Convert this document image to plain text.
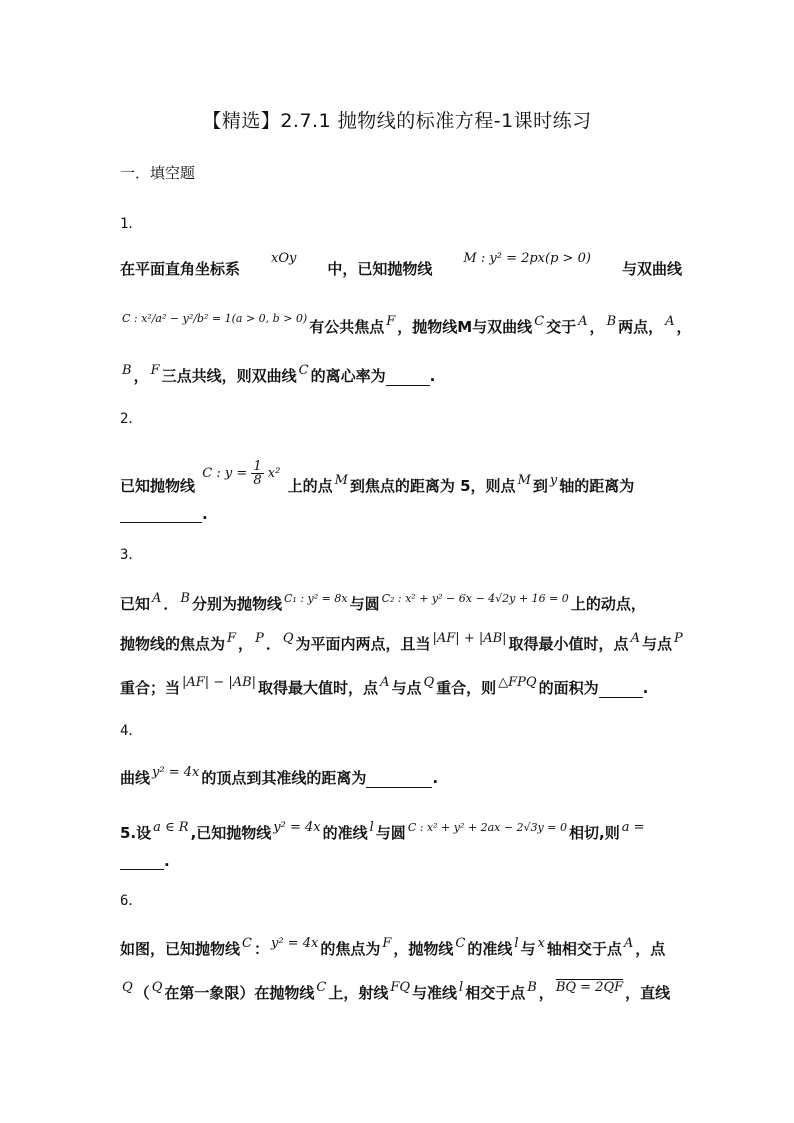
【精选】2.7.1 抛物线的标准方程-1课时练习
一．填空题
1．
在平面直角坐标系
xOy
中，已知抛物线
M : y² = 2px(p > 0)
与双曲线
$^{C : x^2/a^2 - y^2/b^2 = 1(a > 0, b > 0)}$ 有公共焦点 F ，抛物线M与双曲线 C 交于 A ， B 两点， A ，
B ， F 三点共线，则双曲线 C 的离心率为	.
2．
已知抛物线 C : $y = \frac{1}{8} x^2$ 上的点 M 到焦点的距离为 5，则点 M 到 y 轴的距离为
.
3．
已知 A ． B 分别为抛物线 $^{C_1 : y^2 = 8x}$ 与圆 $^{C_2 : x^2 + y^2 - 6x - 4√2y + 16 = 0}$ 上的动点，
抛物线的焦点为 F ， P ． Q 为平面内两点，且当 |AF| + |AB| 取得最小值时，点 A 与点 P
重合；当 |AF| − |AB| 取得最大值时，点 A 与点 Q 重合，则 △FPQ 的面积为	.
4．
曲线 y² = 4x 的顶点到其准线的距离为	.
5.设 a ∈ R ,已知抛物线 y² = 4x 的准线 l 与圆 $^{C : x^2 + y^2 + 2ax - 2√3y = 0}$ 相切,则 a =
.
6．
如图，已知抛物线 C ： y² = 4x 的焦点为 F ，抛物线 C 的准线 l 与 x 轴相交于点 A ，点
Q （ Q 在第一象限）在抛物线 C 上，射线 FQ 与准线 l 相交于点 B ， BQ = 2QF ，直线
